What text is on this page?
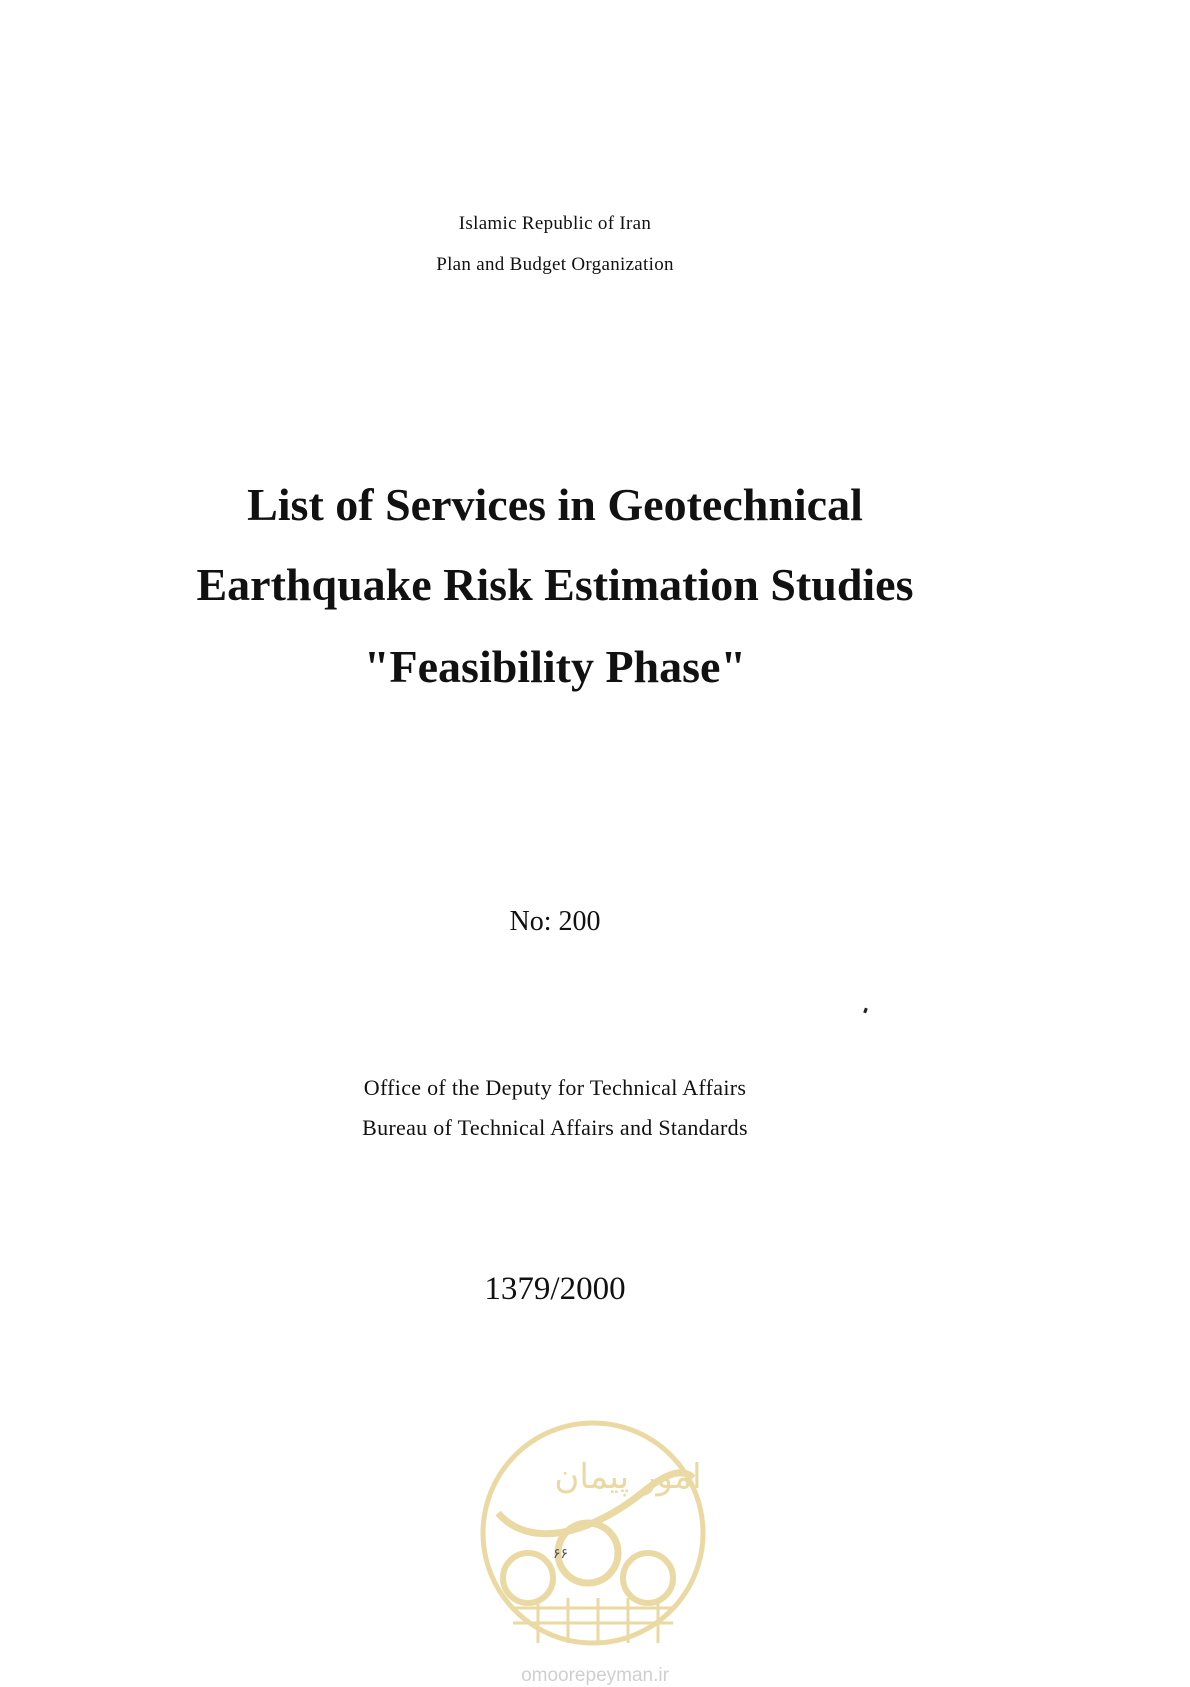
Islamic Republic of Iran
Plan and Budget Organization
List of Services in Geotechnical
Earthquake Risk Estimation Studies
"Feasibility Phase"
No: 200
Office of the Deputy for Technical Affairs
Bureau of Technical Affairs and Standards
1379/2000
امور پیمان
۶۶
omoorepeyman.ir
